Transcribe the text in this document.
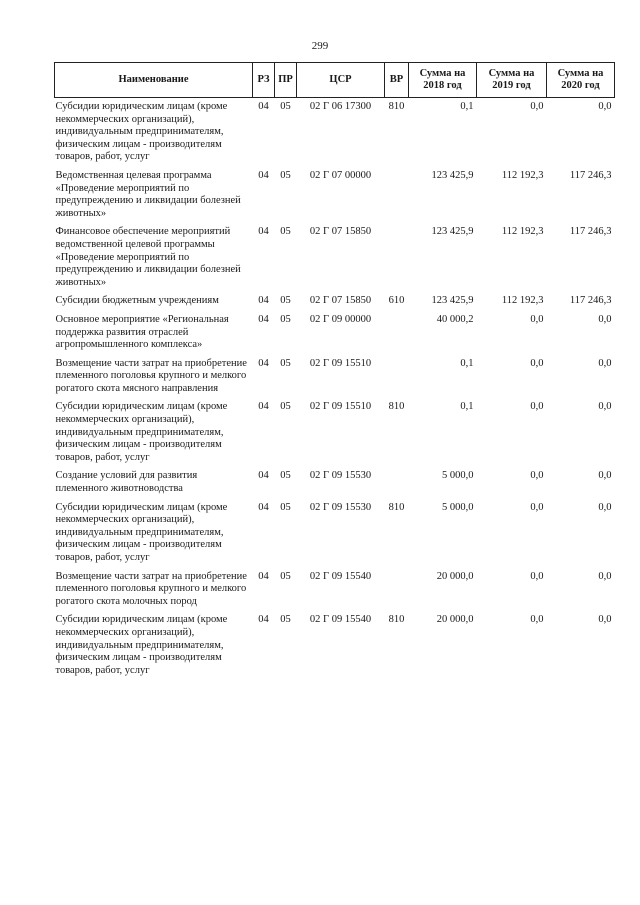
299
Наименование	РЗ	ПР	ЦСР	ВР	Сумма на 2018 год	Сумма на 2019 год	Сумма на 2020 год
Субсидии юридическим лицам (кроме некоммерческих организаций), индивидуальным предпринимателям, физическим лицам - производителям товаров, работ, услуг	04	05	02 Г 06 17300	810	0,1	0,0	0,0
Ведомственная целевая программа «Проведение мероприятий по предупреждению и ликвидации болезней животных»	04	05	02 Г 07 00000		123 425,9	112 192,3	117 246,3
Финансовое обеспечение мероприятий ведомственной целевой программы «Проведение мероприятий по предупреждению и ликвидации болезней животных»	04	05	02 Г 07 15850		123 425,9	112 192,3	117 246,3
Субсидии бюджетным учреждениям	04	05	02 Г 07 15850	610	123 425,9	112 192,3	117 246,3
Основное мероприятие «Региональная поддержка развития отраслей агропромышленного комплекса»	04	05	02 Г 09 00000		40 000,2	0,0	0,0
Возмещение части затрат на приобретение племенного поголовья крупного и мелкого рогатого скота мясного направления	04	05	02 Г 09 15510		0,1	0,0	0,0
Субсидии юридическим лицам (кроме некоммерческих организаций), индивидуальным предпринимателям, физическим лицам - производителям товаров, работ, услуг	04	05	02 Г 09 15510	810	0,1	0,0	0,0
Создание условий для развития племенного животноводства	04	05	02 Г 09 15530		5 000,0	0,0	0,0
Субсидии юридическим лицам (кроме некоммерческих организаций), индивидуальным предпринимателям, физическим лицам - производителям товаров, работ, услуг	04	05	02 Г 09 15530	810	5 000,0	0,0	0,0
Возмещение части затрат на приобретение племенного поголовья крупного и мелкого рогатого скота молочных пород	04	05	02 Г 09 15540		20 000,0	0,0	0,0
Субсидии юридическим лицам (кроме некоммерческих организаций), индивидуальным предпринимателям, физическим лицам - производителям товаров, работ, услуг	04	05	02 Г 09 15540	810	20 000,0	0,0	0,0
